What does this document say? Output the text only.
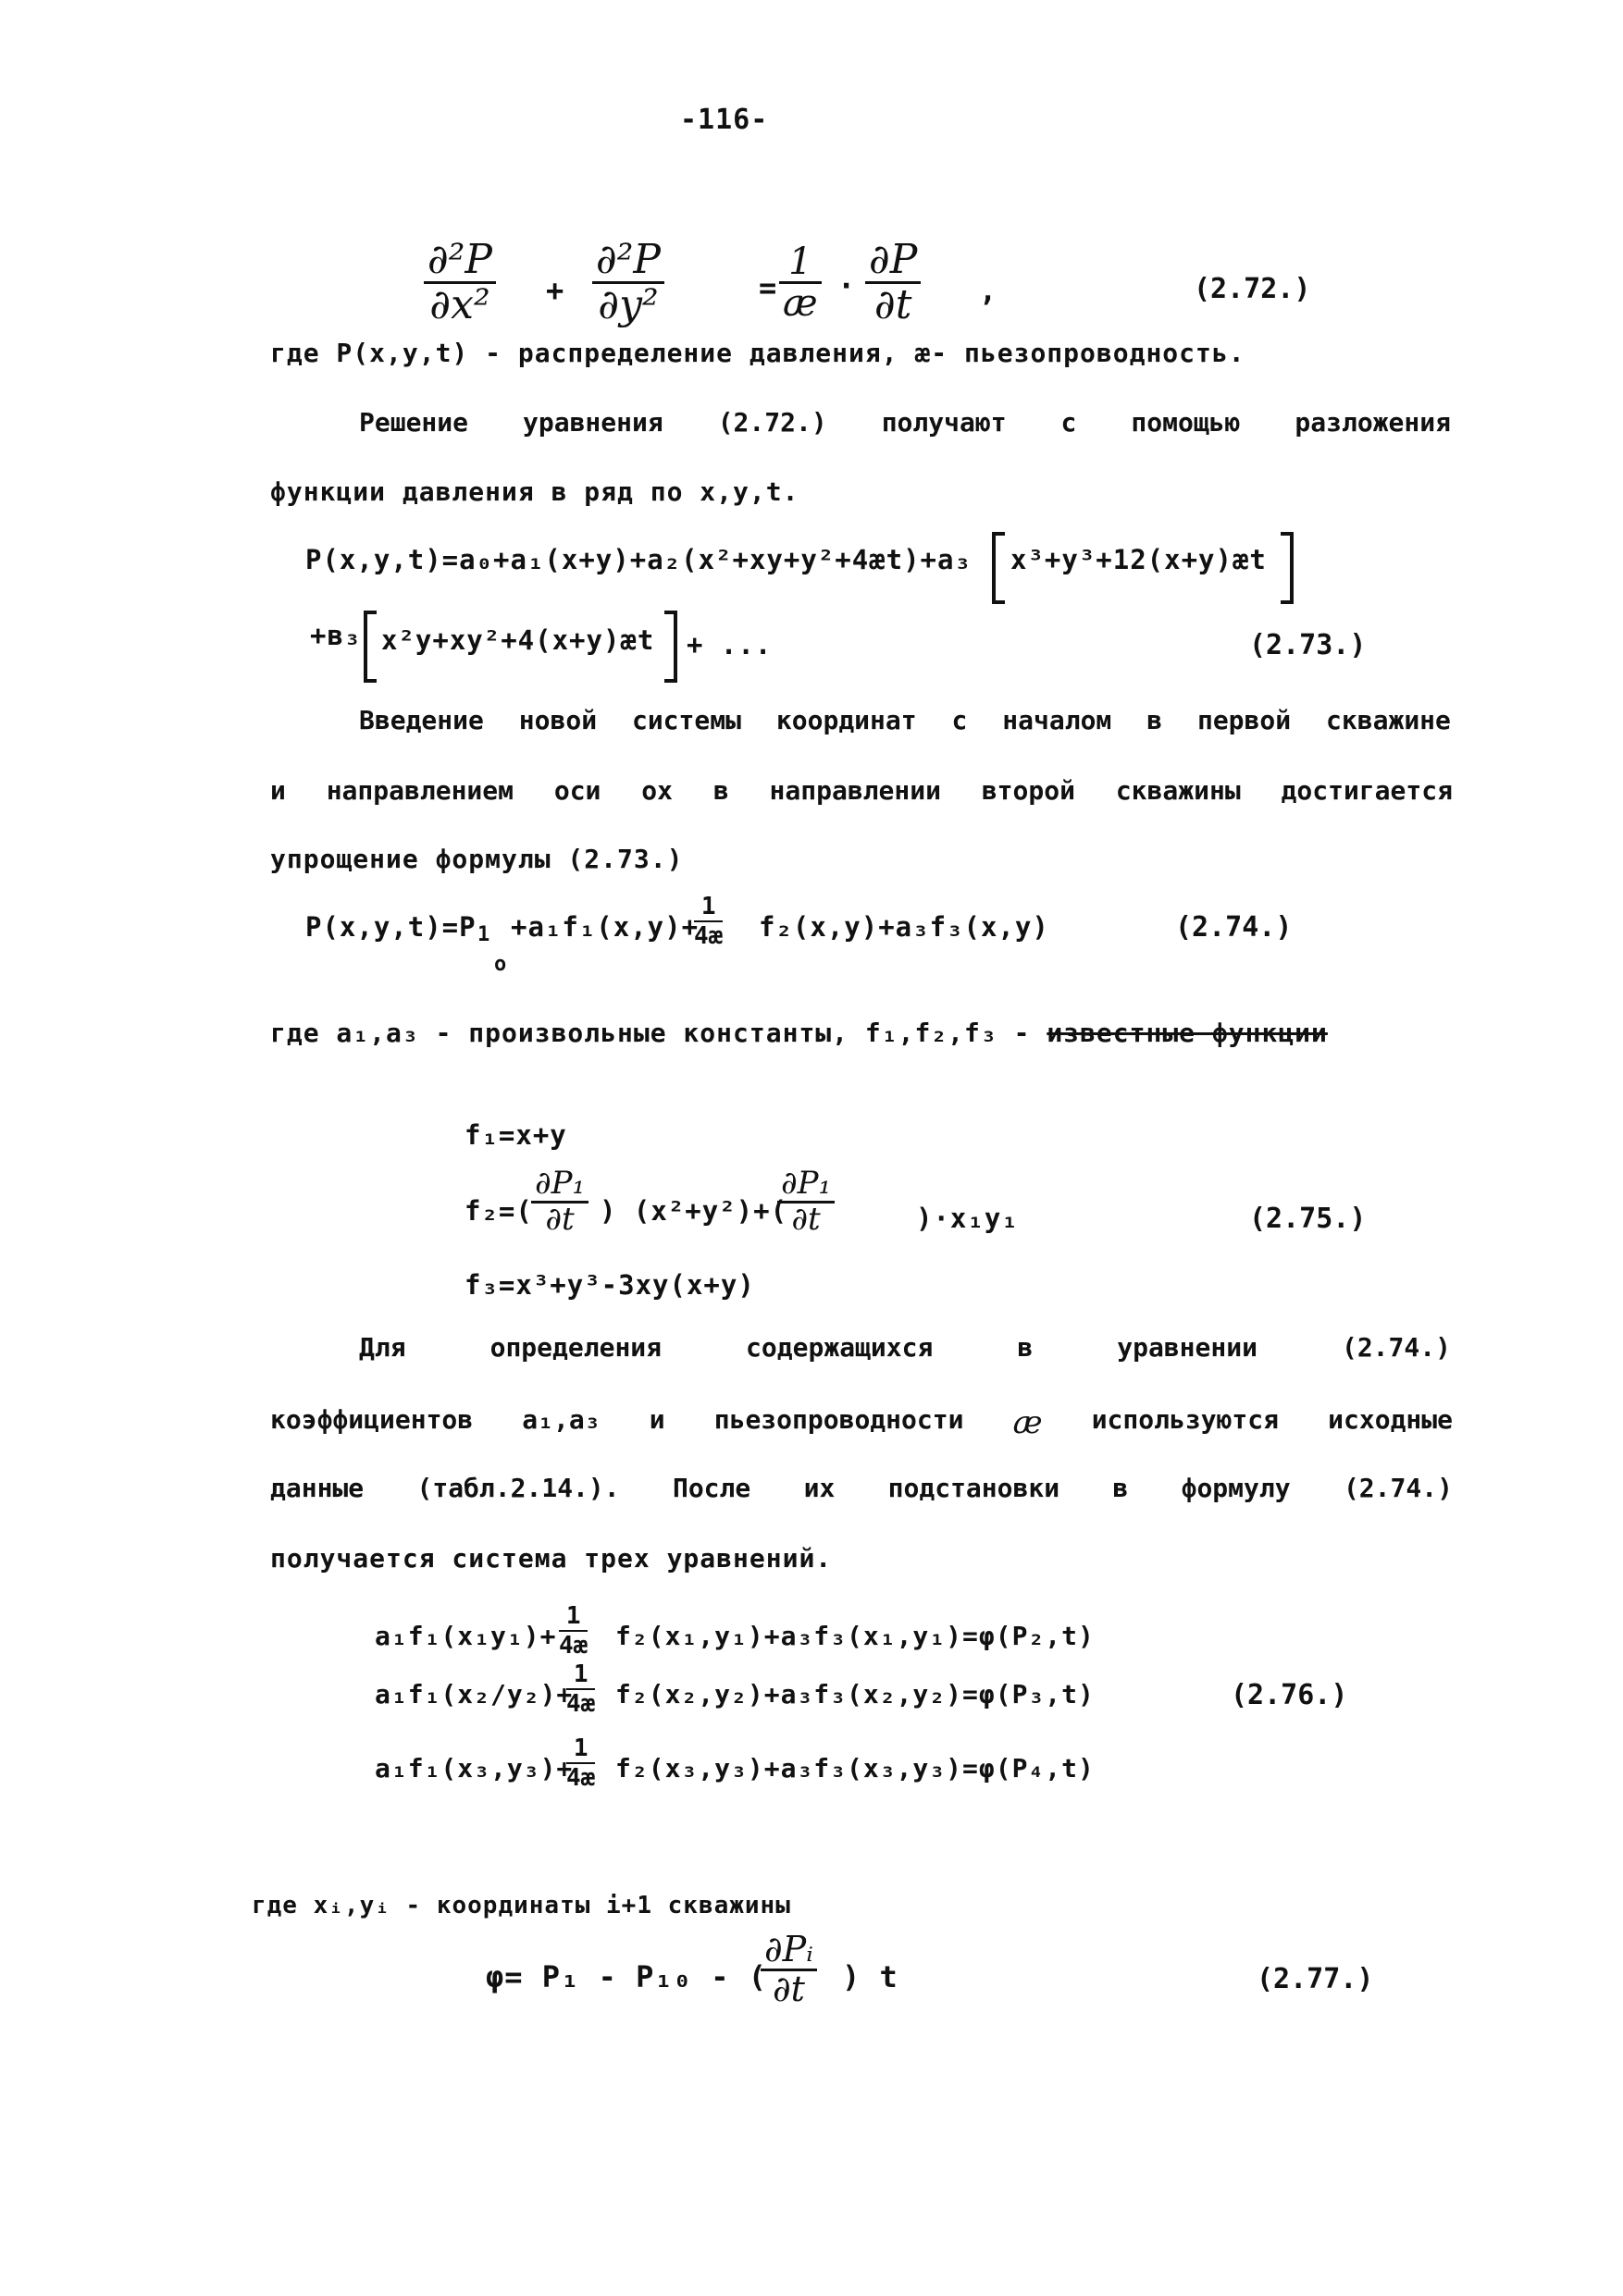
-116-
∂²P
∂x² +
∂²P
∂y²	=
1
æ ·
∂P
∂t ,	(2.72.)
где P(x,y,t) - распределение давления, æ- пьезопроводность.
Решение уравнения (2.72.) получают с помощью разложения
функции давления в ряд по x,y,t.
P(x,y,t)=a₀+a₁(x+y)+a₂(x²+xy+y²+4æt)+a₃ x³+y³+12(x+y)æt
+в₃ x²y+xy²+4(x+y)æt + ...	(2.73.)
Введение новой системы координат с началом в первой скважине
и направлением оси ox в направлении второй скважины достигается
упрощение формулы (2.73.)
P(x,y,t)=P 1
o
+a₁f₁(x,y)+
1
4æ f₂(x,y)+a₃f₃(x,y)	(2.74.)
где a₁,a₃ - произвольные константы, f₁,f₂,f₃ - известные функции
f₁=x+y
f₂=(
∂P₁
∂t ) (x²+y²)+(
∂P₁
∂t	)·x₁y₁
f₃=x³+y³-3xy(x+y)
(2.75.)
Для	определения	содержащихся	в	уравнении	(2.74.)
коэффициентов a₁,a₃ и пьезопроводности æ используются исходные
данные (табл.2.14.). После их подстановки в формулу (2.74.)
получается система трех уравнений.
a₁f₁(x₁y₁)+
1
4æ f₂(x₁,y₁)+a₃f₃(x₁,y₁)=φ(P₂,t)
a₁f₁(x₂/y₂)+
1
4æ f₂(x₂,y₂)+a₃f₃(x₂,y₂)=φ(P₃,t)
a₁f₁(x₃,y₃)+
1
4æ f₂(x₃,y₃)+a₃f₃(x₃,y₃)=φ(P₄,t)
(2.76.)
где xᵢ,yᵢ - координаты i+1 скважины
φ= P₁ - P₁₀ - (
∂Pᵢ
∂t ) t	(2.77.)
